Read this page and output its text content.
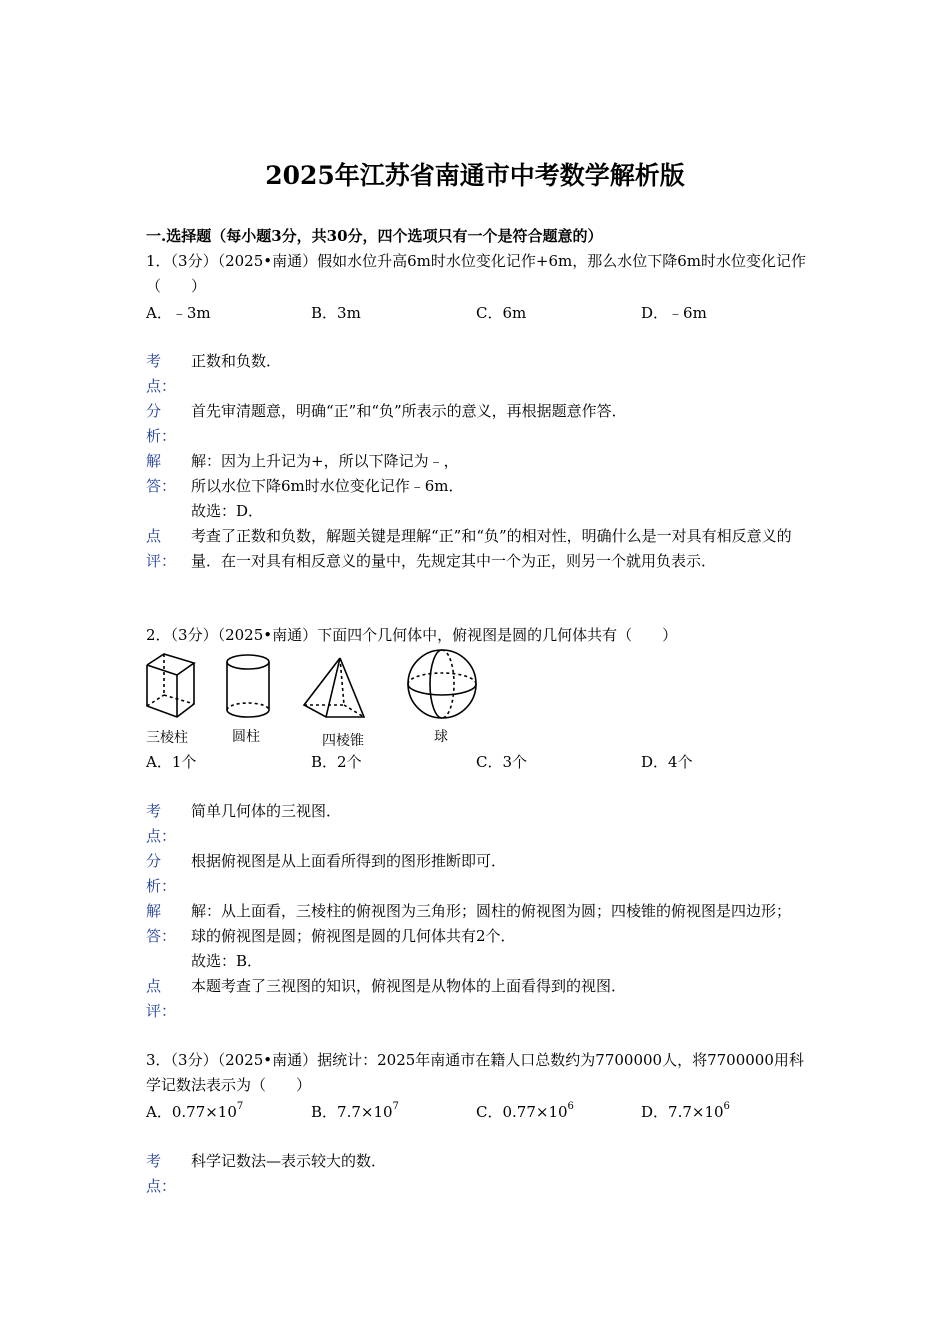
2025年江苏省南通市中考数学解析版
一.选择题（每小题3分，共30分，四个选项只有一个是符合题意的）
1．（3分）（2025•南通）假如水位升高6m时水位变化记作+6m，那么水位下降6m时水位变化记作（　　）
A．﹣3m	B．3m	C．6m	D．﹣6m
考点：
正数和负数．
分析：
首先审清题意，明确“正”和“负”所表示的意义，再根据题意作答．
解答：
解：因为上升记为+，所以下降记为﹣，
所以水位下降6m时水位变化记作﹣6m．
故选：D．
点评：
考查了正数和负数，解题关键是理解“正”和“负”的相对性，明确什么是一对具有相反意义的量．在一对具有相反意义的量中，先规定其中一个为正，则另一个就用负表示．
2．（3分）（2025•南通）下面四个几何体中，俯视图是圆的几何体共有（　　）
三棱柱	圆柱	四棱锥	球
A．1个	B．2个	C．3个	D．4个
考点：
简单几何体的三视图．
分析：
根据俯视图是从上面看所得到的图形推断即可．
解答：
解：从上面看，三棱柱的俯视图为三角形；圆柱的俯视图为圆；四棱锥的俯视图是四边形；球的俯视图是圆；俯视图是圆的几何体共有2个．
故选：B．
点评：
本题考查了三视图的知识，俯视图是从物体的上面看得到的视图．
3．（3分）（2025•南通）据统计：2025年南通市在籍人口总数约为7700000人，将7700000用科学记数法表示为（　　）
A．$0.77\times 10^7$	B．$7.7\times 10^7$	C．$0.77\times 10^6$	D．$7.7\times 10^6$
考点：
科学记数法—表示较大的数．
